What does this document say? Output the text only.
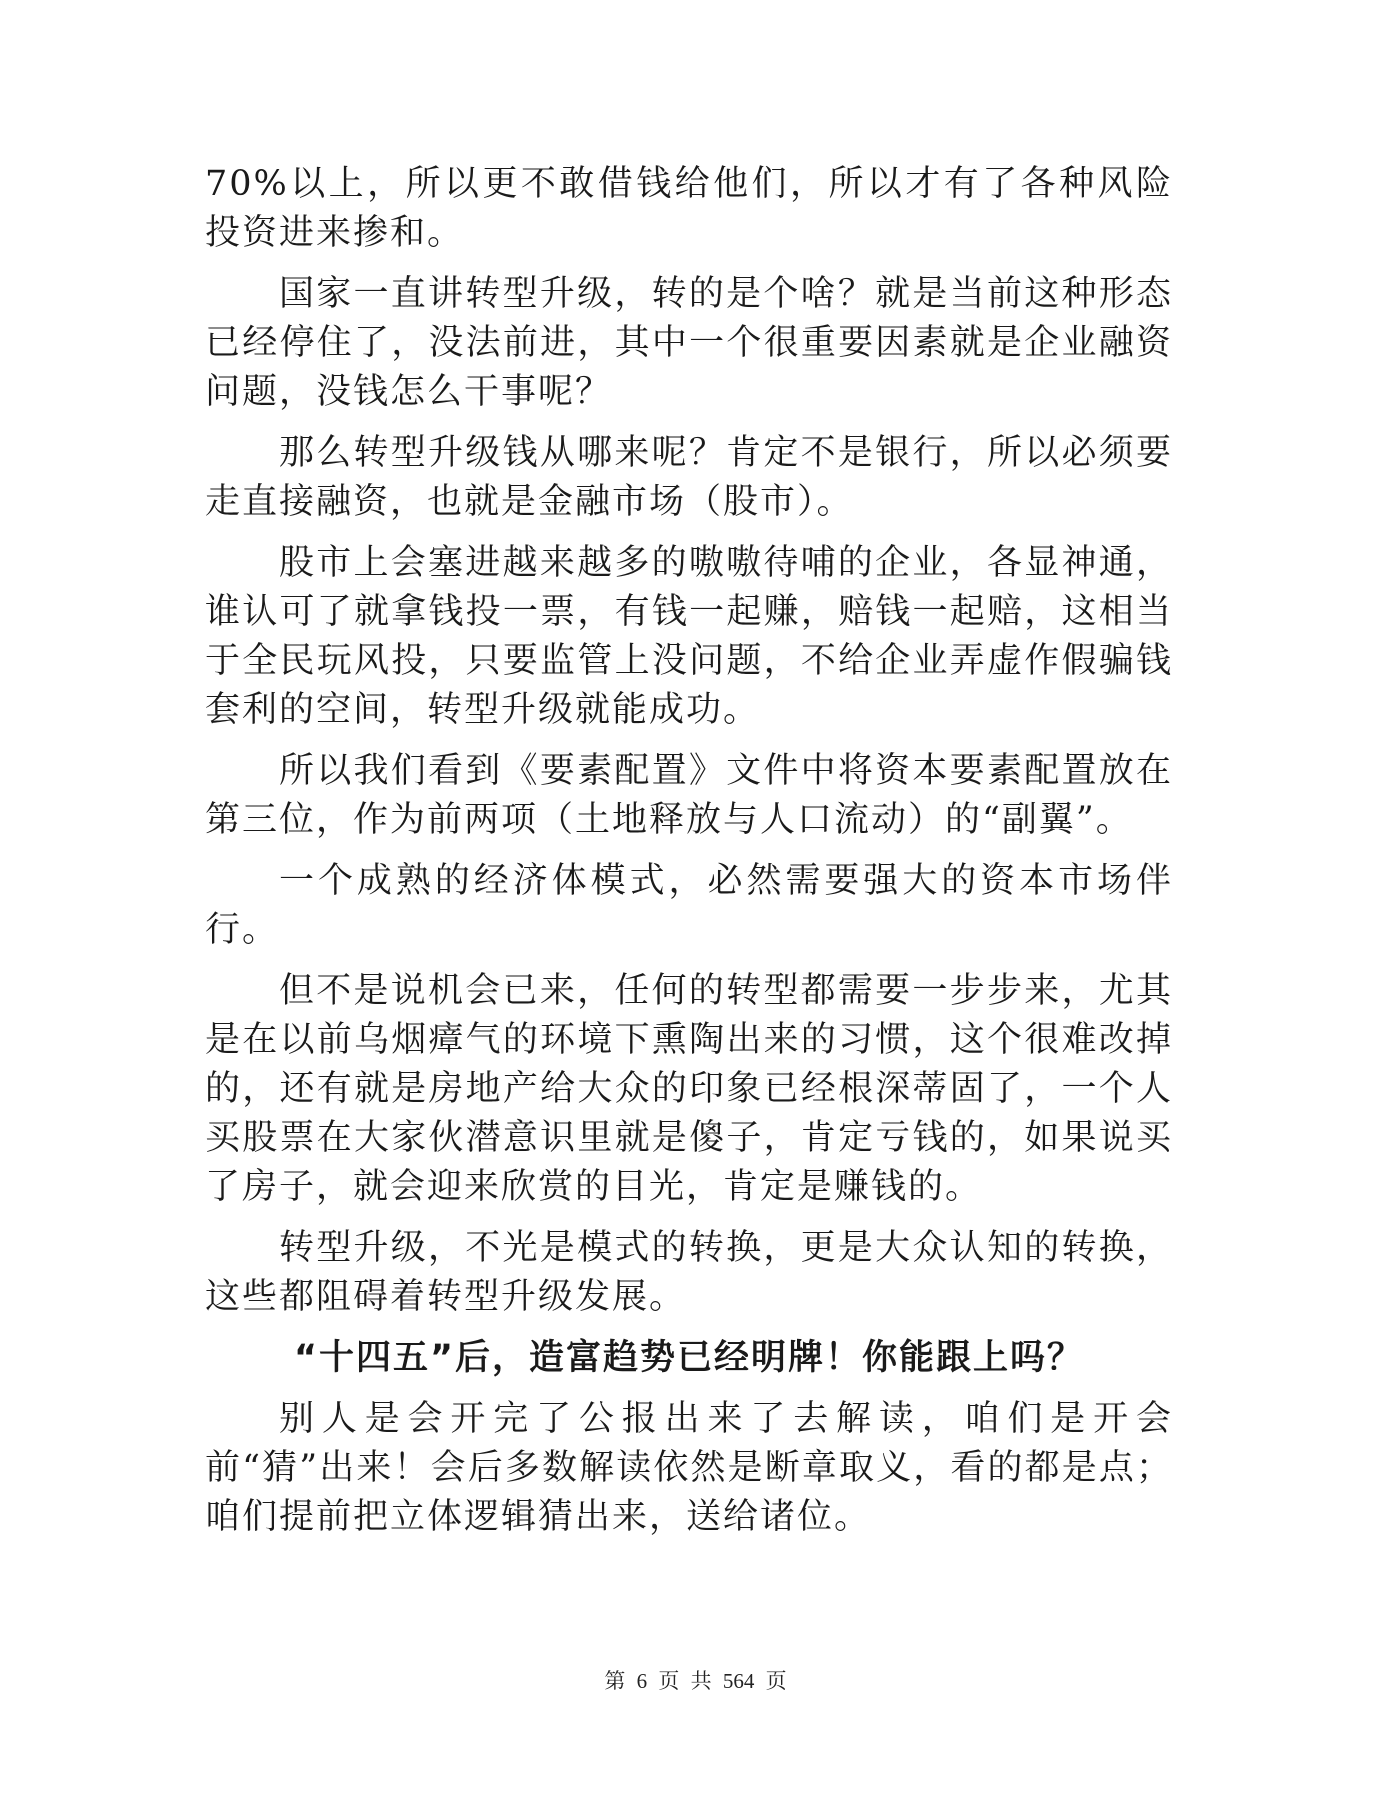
70%以上，所以更不敢借钱给他们，所以才有了各种风险投资进来掺和。

国家一直讲转型升级，转的是个啥？就是当前这种形态已经停住了，没法前进，其中一个很重要因素就是企业融资问题，没钱怎么干事呢？

那么转型升级钱从哪来呢？肯定不是银行，所以必须要走直接融资，也就是金融市场（股市）。

股市上会塞进越来越多的嗷嗷待哺的企业，各显神通，谁认可了就拿钱投一票，有钱一起赚，赔钱一起赔，这相当于全民玩风投，只要监管上没问题，不给企业弄虚作假骗钱套利的空间，转型升级就能成功。

所以我们看到《要素配置》文件中将资本要素配置放在第三位，作为前两项（土地释放与人口流动）的“副翼”。

一个成熟的经济体模式，必然需要强大的资本市场伴行。

但不是说机会已来，任何的转型都需要一步步来，尤其是在以前乌烟瘴气的环境下熏陶出来的习惯，这个很难改掉的，还有就是房地产给大众的印象已经根深蒂固了，一个人买股票在大家伙潜意识里就是傻子，肯定亏钱的，如果说买了房子，就会迎来欣赏的目光，肯定是赚钱的。

转型升级，不光是模式的转换，更是大众认知的转换，这些都阻碍着转型升级发展。

“十四五”后，造富趋势已经明牌！你能跟上吗？

别人是会开完了公报出来了去解读，咱们是开会前“猜”出来！会后多数解读依然是断章取义，看的都是点；咱们提前把立体逻辑猜出来，送给诸位。

第 6 页 共 564 页
